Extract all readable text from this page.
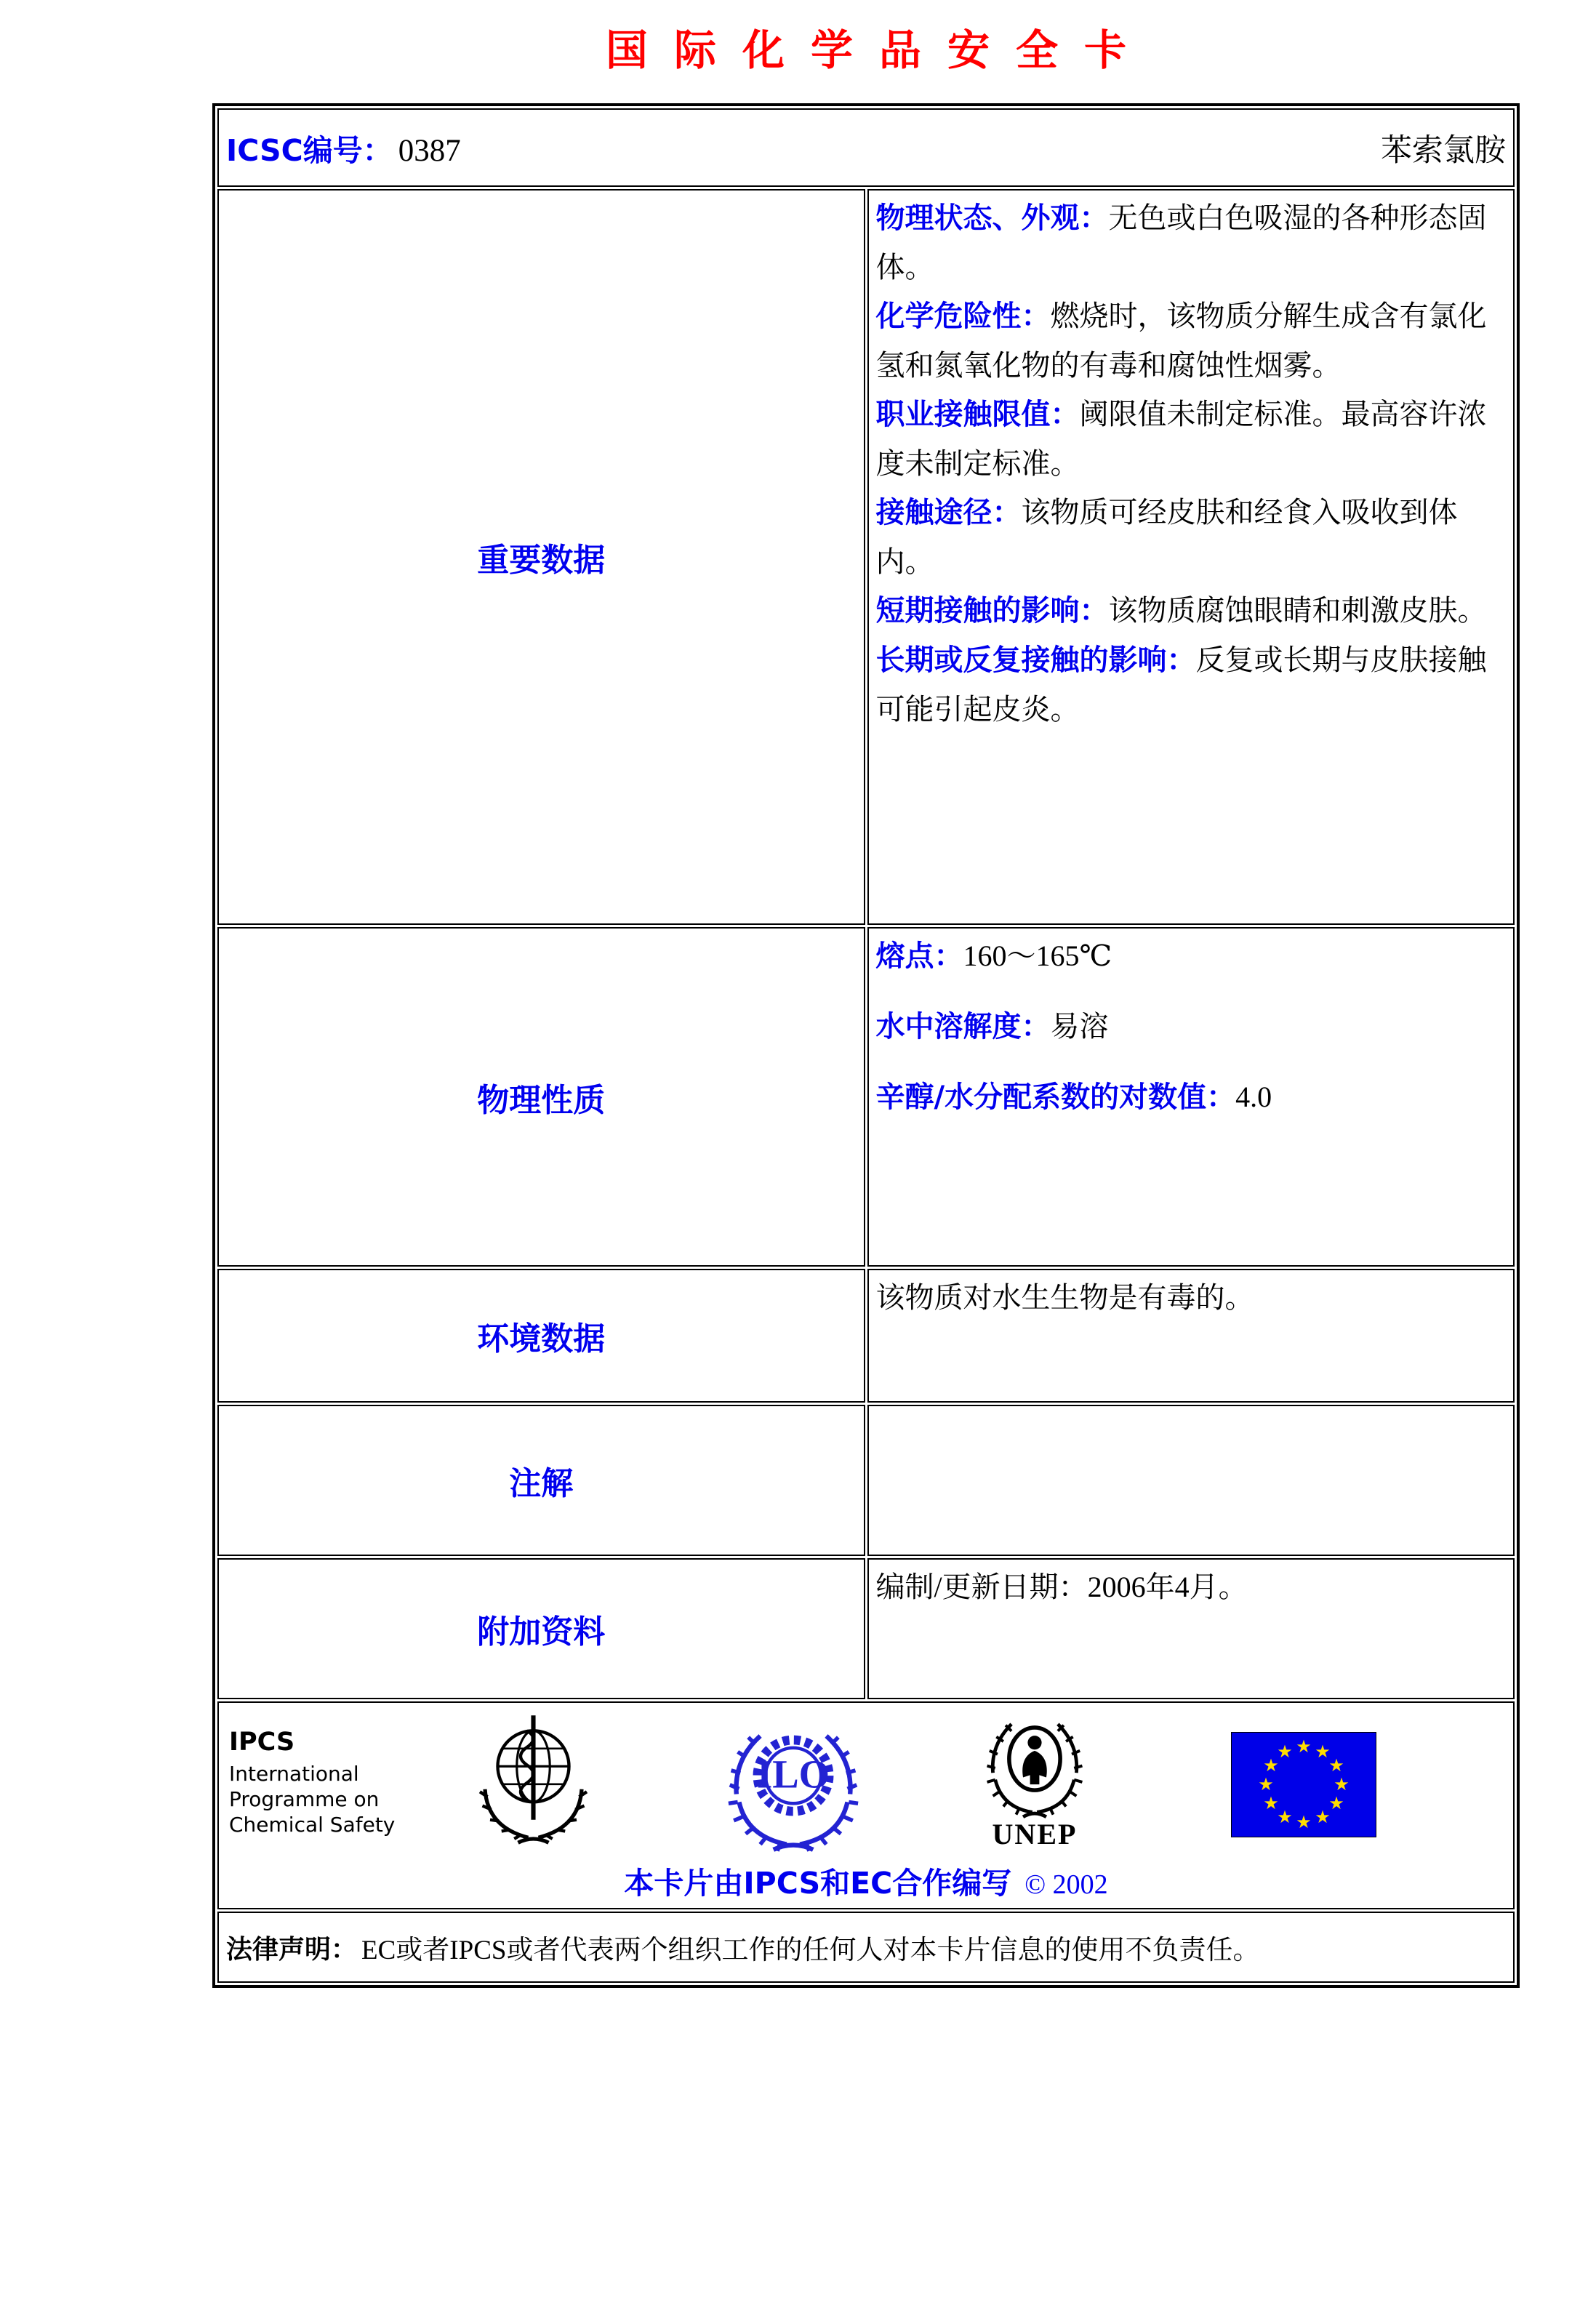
国际化学品安全卡
ICSC编号： 0387 苯索氯胺	

重要数据	
物理状态、外观：无色或白色吸湿的各种形态固体。
化学危险性：燃烧时，该物质分解生成含有氯化氢和氮氧化物的有毒和腐蚀性烟雾。
职业接触限值：阈限值未制定标准。最高容许浓度未制定标准。
接触途径：该物质可经皮肤和经食入吸收到体内。
短期接触的影响：该物质腐蚀眼睛和刺激皮肤。
长期或反复接触的影响：反复或长期与皮肤接触可能引起皮炎。

物理性质	熔点：160～165℃
水中溶解度：易溶
辛醇/水分配系数的对数值：4.0

环境数据	该物质对水生生物是有毒的。

注解	

附加资料	编制/更新日期：2006年4月。

IPCS
International
Programme on
Chemical Safety
ILO
UNEP
★ ★
★
★
★
★
★
★
★
★
★
★
本卡片由IPCS和EC合作编写 © 2002

法律声明： EC或者IPCS或者代表两个组织工作的任何人对本卡片信息的使用不负责任。	
